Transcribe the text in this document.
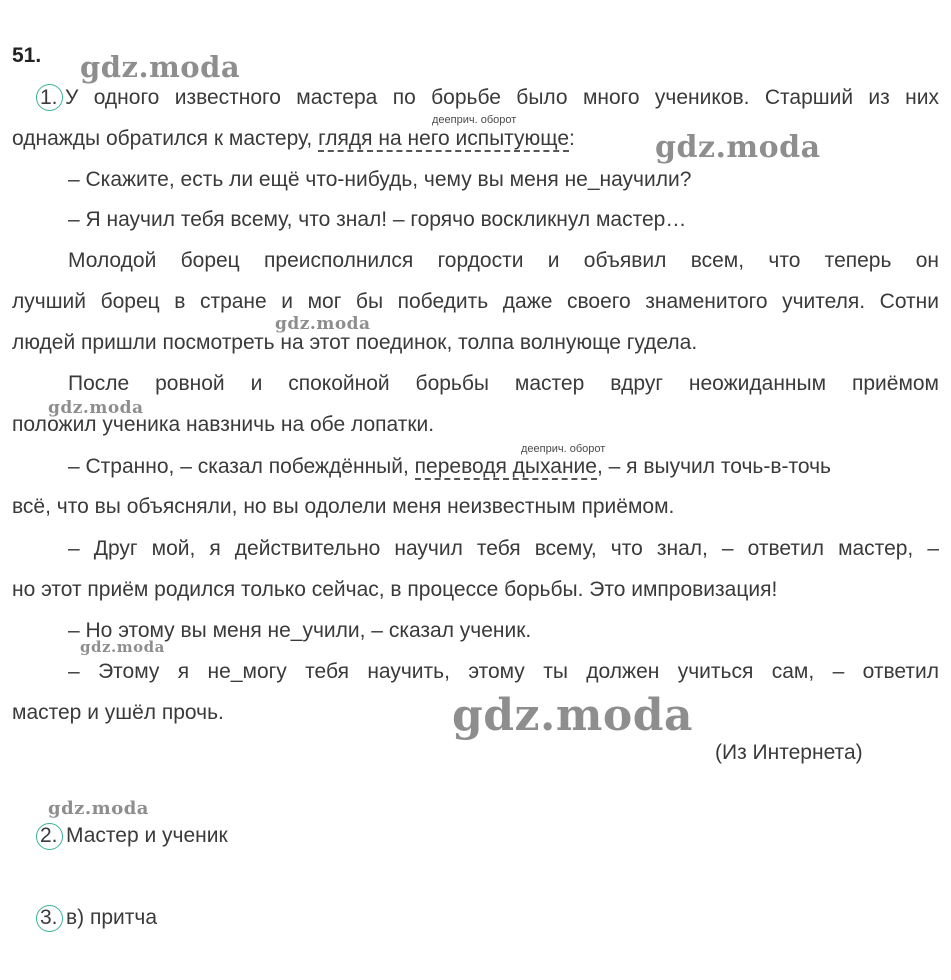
51. gdz.moda
gdz.moda
gdz.moda
gdz.moda
gdz.moda
gdz.moda
gdz.moda
1. У одного известного мастера по борьбе было много учеников. Старший из них
дееприч. оборот
однажды обратился к мастеру, глядя на него испытующе:
– Скажите, есть ли ещё что-нибудь, чему вы меня не_научили?
– Я научил тебя всему, что знал! – горячо воскликнул мастер…
Молодой борец преисполнился гордости и объявил всем, что теперь он
лучший борец в стране и мог бы победить даже своего знаменитого учителя. Сотни
людей пришли посмотреть на этот поединок, толпа волнующе гудела.
После ровной и спокойной борьбы мастер вдруг неожиданным приёмом
положил ученика навзничь на обе лопатки.
дееприч. оборот
– Странно, – сказал побеждённый, переводя дыхание, – я выучил точь-в-точь
всё, что вы объясняли, но вы одолели меня неизвестным приёмом.
– Друг мой, я действительно научил тебя всему, что знал, – ответил мастер, –
но этот приём родился только сейчас, в процессе борьбы. Это импровизация!
– Но этому вы меня не_учили, – сказал ученик.
– Этому я не_могу тебя научить, этому ты должен учиться сам, – ответил
мастер и ушёл прочь.
(Из Интернета)
2. Мастер и ученик
3. в) притча
